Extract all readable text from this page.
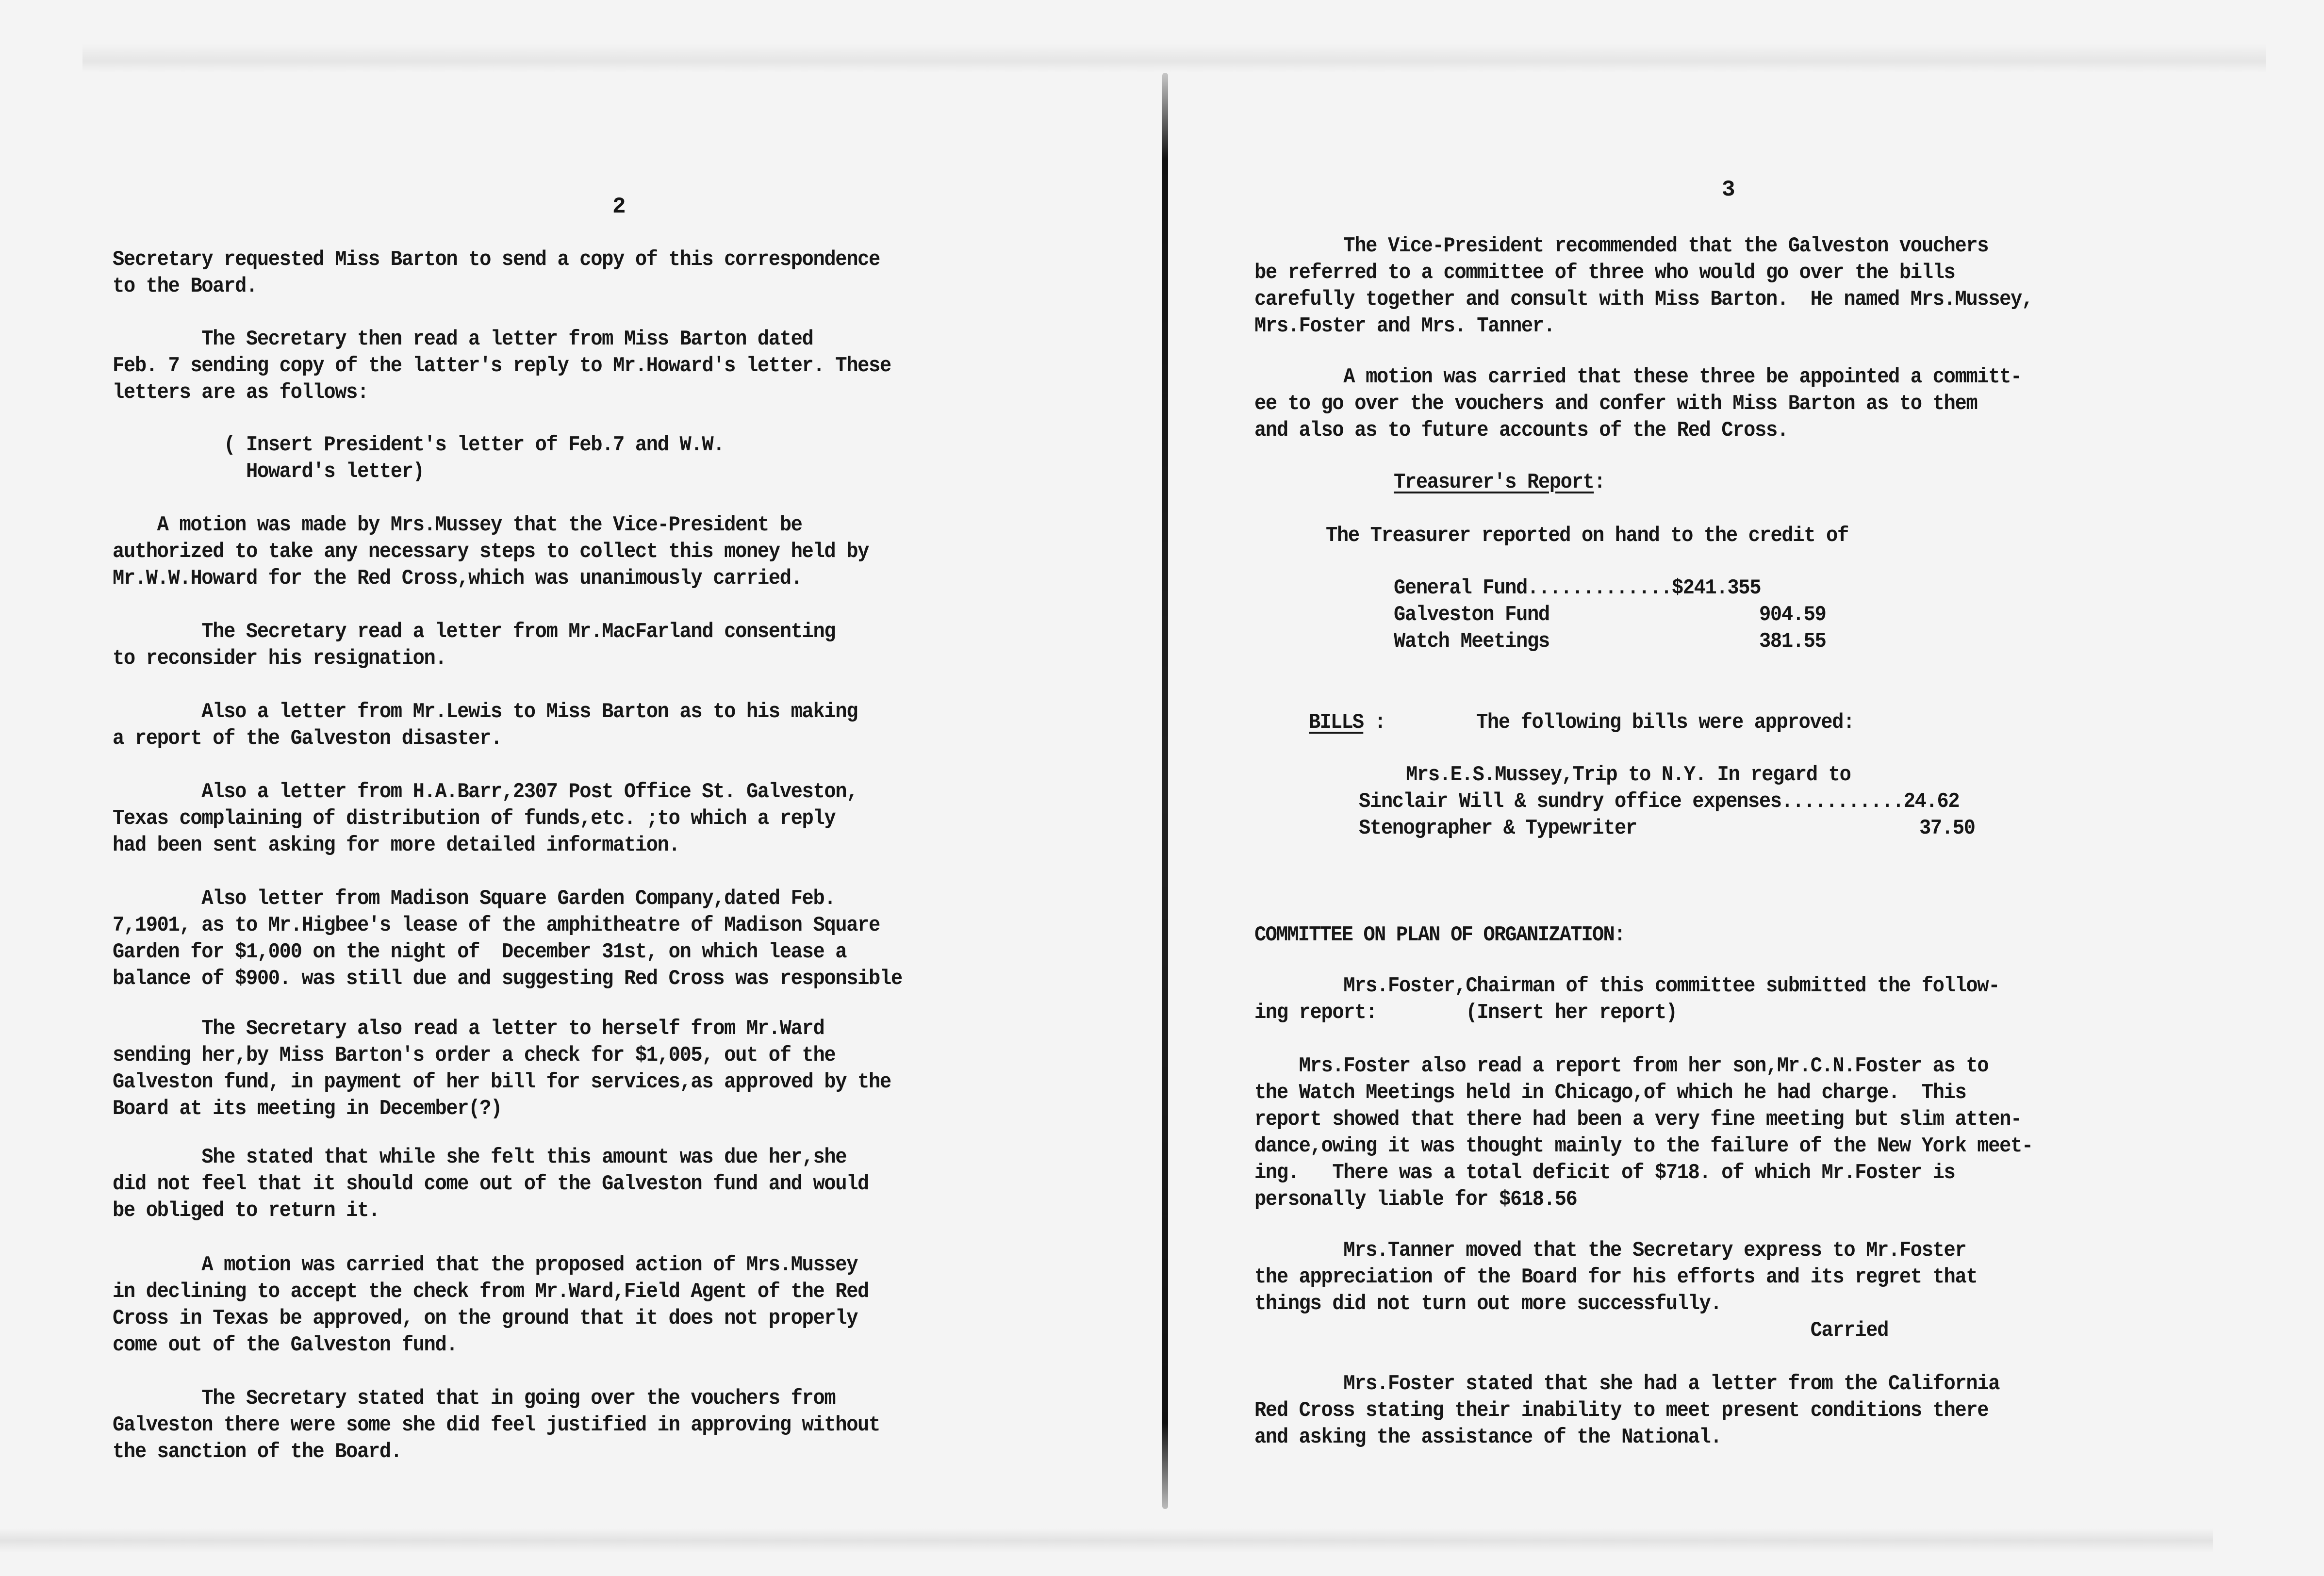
2
Secretary requested Miss Barton to send a copy of this correspondence
to the Board.
The Secretary then read a letter from Miss Barton dated
Feb. 7 sending copy of the latter's reply to Mr.Howard's letter. These
letters are as follows:
( Insert President's letter of Feb.7 and W.W.
Howard's letter)
A motion was made by Mrs.Mussey that the Vice-President be
authorized to take any necessary steps to collect this money held by
Mr.W.W.Howard for the Red Cross,which was unanimously carried.
The Secretary read a letter from Mr.MacFarland consenting
to reconsider his resignation.
Also a letter from Mr.Lewis to Miss Barton as to his making
a report of the Galveston disaster.
Also a letter from H.A.Barr,2307 Post Office St. Galveston,
Texas complaining of distribution of funds,etc. ;to which a reply
had been sent asking for more detailed information.
Also letter from Madison Square Garden Company,dated Feb.
7,1901, as to Mr.Higbee's lease of the amphitheatre of Madison Square
Garden for $1,000 on the night of  December 31st, on which lease a
balance of $900. was still due and suggesting Red Cross was responsible
The Secretary also read a letter to herself from Mr.Ward
sending her,by Miss Barton's order a check for $1,005, out of the
Galveston fund, in payment of her bill for services,as approved by the
Board at its meeting in December(?)
She stated that while she felt this amount was due her,she
did not feel that it should come out of the Galveston fund and would
be obliged to return it.
A motion was carried that the proposed action of Mrs.Mussey
in declining to accept the check from Mr.Ward,Field Agent of the Red
Cross in Texas be approved, on the ground that it does not properly
come out of the Galveston fund.
The Secretary stated that in going over the vouchers from
Galveston there were some she did feel justified in approving without
the sanction of the Board.
3
The Vice-President recommended that the Galveston vouchers
be referred to a committee of three who would go over the bills
carefully together and consult with Miss Barton.  He named Mrs.Mussey,
Mrs.Foster and Mrs. Tanner.
A motion was carried that these three be appointed a committ-
ee to go over the vouchers and confer with Miss Barton as to them
and also as to future accounts of the Red Cross.
Treasurer's Report:
The Treasurer reported on hand to the credit of
General Fund.............$241.355
Galveston Fund	904.59
Watch Meetings	381.55
BILLS :	The following bills were approved:
Mrs.E.S.Mussey,Trip to N.Y. In regard to
Sinclair Will & sundry office expenses...........24.62
Stenographer & Typewriter	37.50
COMMITTEE ON PLAN OF ORGANIZATION:
Mrs.Foster,Chairman of this committee submitted the follow-
ing report:        (Insert her report)
Mrs.Foster also read a report from her son,Mr.C.N.Foster as to
the Watch Meetings held in Chicago,of which he had charge.  This
report showed that there had been a very fine meeting but slim atten-
dance,owing it was thought mainly to the failure of the New York meet-
ing.   There was a total deficit of $718. of which Mr.Foster is
personally liable for $618.56
Mrs.Tanner moved that the Secretary express to Mr.Foster
the appreciation of the Board for his efforts and its regret that
things did not turn out more successfully.
Carried
Mrs.Foster stated that she had a letter from the California
Red Cross stating their inability to meet present conditions there
and asking the assistance of the National.
